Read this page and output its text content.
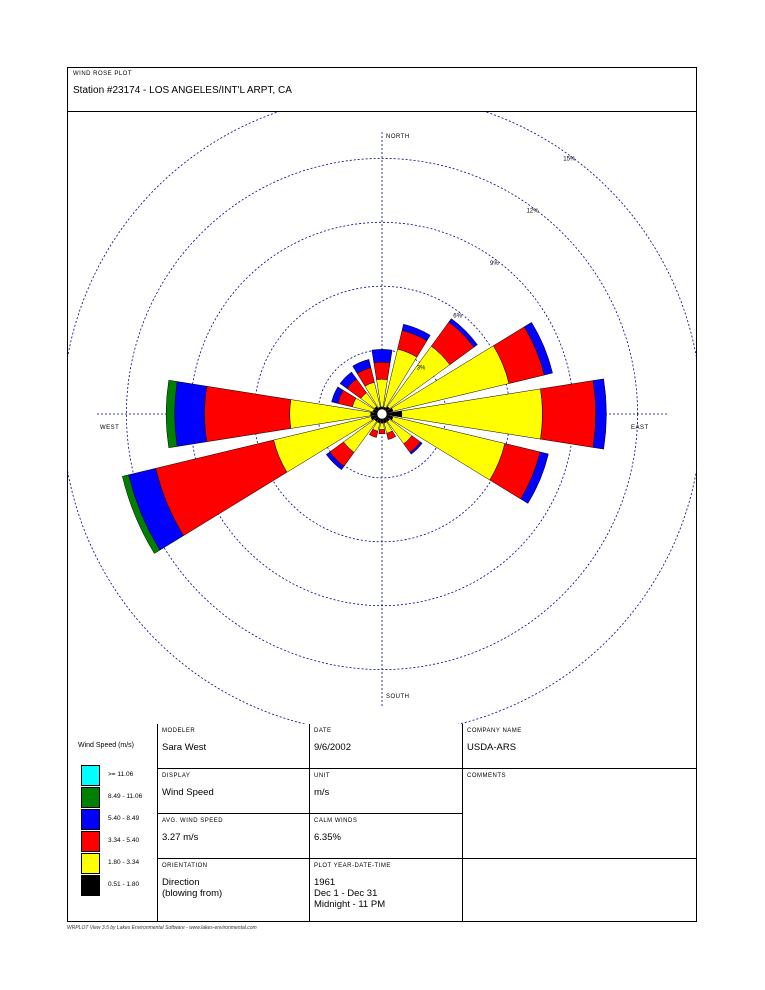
WIND ROSE PLOT
Station #23174 - LOS ANGELES/INT'L ARPT, CA
3%
6%
9%
12%
15%
NORTH
SOUTH
EAST
WEST
Wind Speed (m/s)
>= 11.06
8.49 - 11.06
5.40 - 8.49
3.34 - 5.40
1.80 - 3.34
0.51 - 1.80
MODELER
Sara West
DATE
9/6/2002
COMPANY NAME
USDA-ARS
DISPLAY
Wind Speed
UNIT
m/s
COMMENTS
AVG. WIND SPEED
3.27 m/s
CALM WINDS
6.35%
ORIENTATION
Direction
(blowing from)
PLOT YEAR-DATE-TIME
1961
Dec 1 - Dec 31
Midnight - 11 PM
WRPLOT View 3.5 by Lakes Environmental Software - www.lakes-environmental.com
